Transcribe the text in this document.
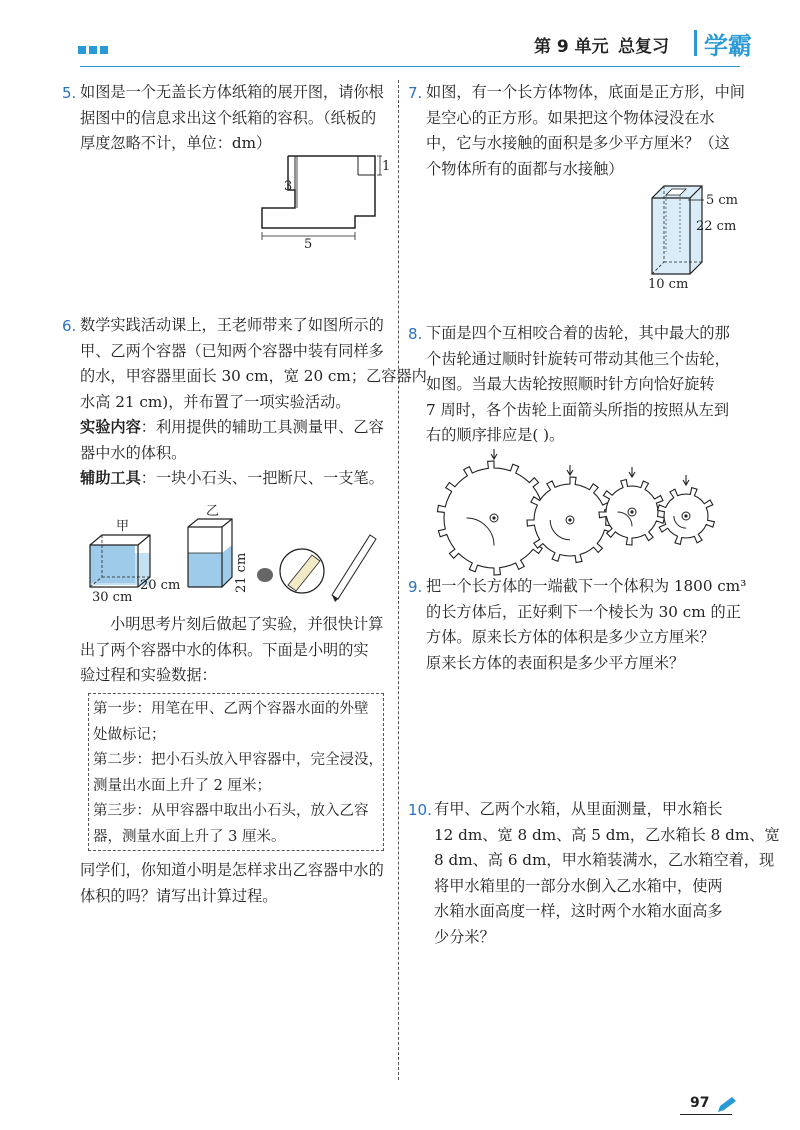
第 9 单元 总复习 学霸
5. 如图是一个无盖长方体纸箱的展开图，请你根
据图中的信息求出这个纸箱的容积。（纸板的
厚度忽略不计，单位：dm）
3
1
5
6. 数学实践活动课上，王老师带来了如图所示的
甲、乙两个容器（已知两个容器中装有同样多
的水，甲容器里面长 30 cm，宽 20 cm；乙容器内
水高 21 cm)，并布置了一项实验活动。
实验内容：利用提供的辅助工具测量甲、乙容
器中水的体积。
辅助工具：一块小石头、一把断尺、一支笔。
甲
30 cm
20 cm
乙
21 cm
小明思考片刻后做起了实验，并很快计算
出了两个容器中水的体积。下面是小明的实
验过程和实验数据：
第一步：用笔在甲、乙两个容器水面的外壁
处做标记；
第二步：把小石头放入甲容器中，完全浸没，
测量出水面上升了 2 厘米；
第三步：从甲容器中取出小石头，放入乙容
器，测量水面上升了 3 厘米。
同学们，你知道小明是怎样求出乙容器中水的
体积的吗？请写出计算过程。
7. 如图，有一个长方体物体，底面是正方形，中间
是空心的正方形。如果把这个物体浸没在水
中，它与水接触的面积是多少平方厘米？（这
个物体所有的面都与水接触）
5 cm
22 cm
10 cm
8. 下面是四个互相咬合着的齿轮，其中最大的那
个齿轮通过顺时针旋转可带动其他三个齿轮，
如图。当最大齿轮按照顺时针方向恰好旋转
7 周时，各个齿轮上面箭头所指的按照从左到
右的顺序排应是( )。
9. 把一个长方体的一端截下一个体积为 1800 cm³
的长方体后，正好剩下一个棱长为 30 cm 的正
方体。原来长方体的体积是多少立方厘米？
原来长方体的表面积是多少平方厘米？
10. 有甲、乙两个水箱，从里面测量，甲水箱长
12 dm、宽 8 dm、高 5 dm，乙水箱长 8 dm、宽
8 dm、高 6 dm，甲水箱装满水，乙水箱空着，现
将甲水箱里的一部分水倒入乙水箱中，使两
水箱水面高度一样，这时两个水箱水面高多
少分米？
97
